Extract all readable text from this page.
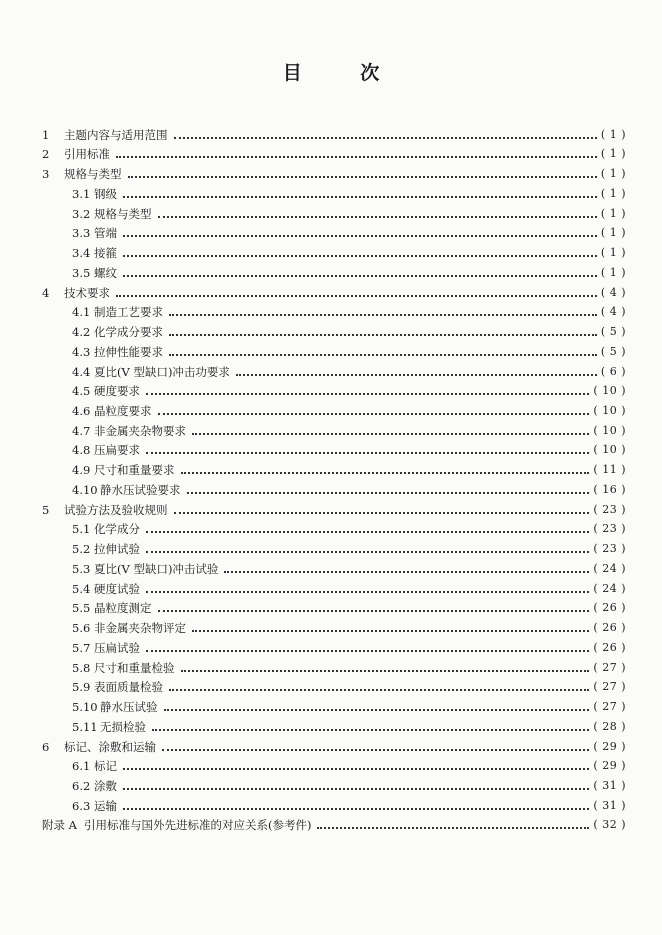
目 次
1	主题内容与适用范围	( 1 )
2	引用标准	( 1 )
3	规格与类型	( 1 )
3.1 钢级	( 1 )
3.2 规格与类型	( 1 )
3.3 管端	( 1 )
3.4 接箍	( 1 )
3.5 螺纹	( 1 )
4	技术要求	( 4 )
4.1 制造工艺要求	( 4 )
4.2 化学成分要求	( 5 )
4.3 拉伸性能要求	( 5 )
4.4 夏比(V 型缺口)冲击功要求	( 6 )
4.5 硬度要求	( 10 )
4.6 晶粒度要求	( 10 )
4.7 非金属夹杂物要求	( 10 )
4.8 压扁要求	( 10 )
4.9 尺寸和重量要求	( 11 )
4.10 静水压试验要求	( 16 )
5	试验方法及验收规则	( 23 )
5.1 化学成分	( 23 )
5.2 拉伸试验	( 23 )
5.3 夏比(V 型缺口)冲击试验	( 24 )
5.4 硬度试验	( 24 )
5.5 晶粒度测定	( 26 )
5.6 非金属夹杂物评定	( 26 )
5.7 压扁试验	( 26 )
5.8 尺寸和重量检验	( 27 )
5.9 表面质量检验	( 27 )
5.10 静水压试验	( 27 )
5.11 无损检验	( 28 )
6	标记、涂敷和运输	( 29 )
6.1 标记	( 29 )
6.2 涂敷	( 31 )
6.3 运输	( 31 )
附录 A 引用标准与国外先进标准的对应关系(参考件)	( 32 )
